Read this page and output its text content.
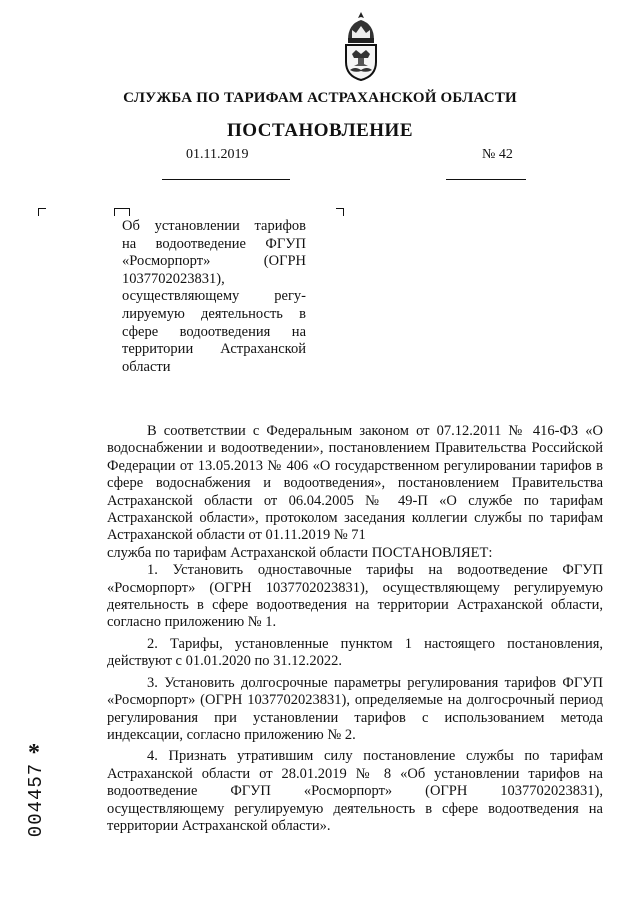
СЛУЖБА ПО ТАРИФАМ АСТРАХАНСКОЙ ОБЛАСТИ
ПОСТАНОВЛЕНИЕ
01.11.2019	№ 42
Об установлении тарифов
на водоотведение ФГУП
«Росморпорт» (ОГРН
1037702023831),
осуществляющему регу-
лируемую деятельность в
сфере водоотведения на
территории Астраханской
области

В соответствии с Федеральным законом от 07.12.2011 № 416-ФЗ «О водоснабжении и водоотведении», постановлением Правительства Российской Федерации от 13.05.2013 № 406 «О государственном регулировании тарифов в сфере водоснабжения и водоотведения», постановлением Правительства Астраханской области от 06.04.2005 № 49-П «О службе по тарифам Астраханской области», протоколом заседания коллегии службы по тарифам Астраханской области от 01.11.2019 № 71

служба по тарифам Астраханской области ПОСТАНОВЛЯЕТ:

1. Установить одноставочные тарифы на водоотведение ФГУП «Росморпорт» (ОГРН 1037702023831), осуществляющему регулируемую деятельность в сфере водоотведения на территории Астраханской области, согласно приложению № 1.

2. Тарифы, установленные пунктом 1 настоящего постановления, действуют с 01.01.2020 по 31.12.2022.

3. Установить долгосрочные параметры регулирования тарифов ФГУП «Росморпорт» (ОГРН 1037702023831), определяемые на долгосрочный период регулирования при установлении тарифов с использованием метода индексации, согласно приложению № 2.

4. Признать утратившим силу постановление службы по тарифам Астраханской области от 28.01.2019 № 8 «Об установлении тарифов на водоотведение ФГУП «Росморпорт» (ОГРН 1037702023831), осуществляющему регулируемую деятельность в сфере водоотведения на территории Астраханской области».

*
004457
